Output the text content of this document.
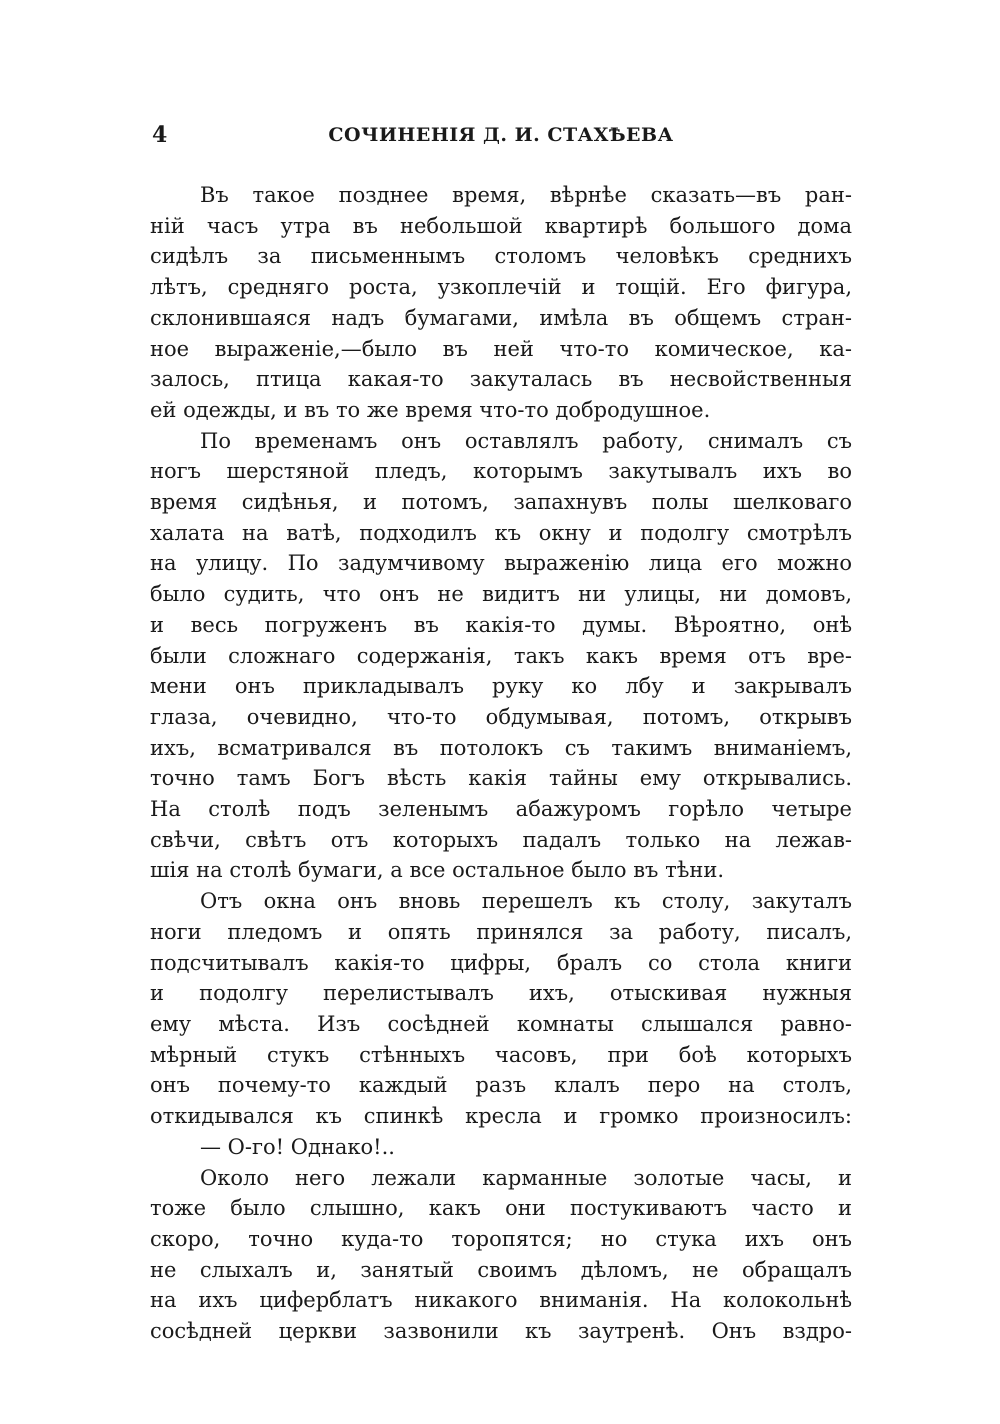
4	СОЧИНЕНІЯ Д. И. СТАХѢЕВА
Въ такое позднее время, вѣрнѣе сказать—въ ран-
ній часъ утра въ небольшой квартирѣ большого дома
сидѣлъ за письменнымъ столомъ человѣкъ среднихъ
лѣтъ, средняго роста, узкоплечій и тощій. Его фигура,
склонившаяся надъ бумагами, имѣла въ общемъ стран-
ное выраженіе,—было въ ней что-то комическое, ка-
залось, птица какая-то закуталась въ несвойственныя
ей одежды, и въ то же время что-то добродушное.
По временамъ онъ оставлялъ работу, снималъ съ
ногъ шерстяной пледъ, которымъ закутывалъ ихъ во
время сидѣнья, и потомъ, запахнувъ полы шелковаго
халата на ватѣ, подходилъ къ окну и подолгу смотрѣлъ
на улицу. По задумчивому выраженію лица его можно
было судить, что онъ не видитъ ни улицы, ни домовъ,
и весь погруженъ въ какія-то думы. Вѣроятно, онѣ
были сложнаго содержанія, такъ какъ время отъ вре-
мени онъ прикладывалъ руку ко лбу и закрывалъ
глаза, очевидно, что-то обдумывая, потомъ, открывъ
ихъ, всматривался въ потолокъ съ такимъ вниманіемъ,
точно тамъ Богъ вѣсть какія тайны ему открывались.
На столѣ подъ зеленымъ абажуромъ горѣло четыре
свѣчи, свѣтъ отъ которыхъ падалъ только на лежав-
шія на столѣ бумаги, а все остальное было въ тѣни.
Отъ окна онъ вновь перешелъ къ столу, закуталъ
ноги пледомъ и опять принялся за работу, писалъ,
подсчитывалъ какія-то цифры, бралъ со стола книги
и подолгу перелистывалъ ихъ, отыскивая нужныя
ему мѣста. Изъ сосѣдней комнаты слышался равно-
мѣрный стукъ стѣнныхъ часовъ, при боѣ которыхъ
онъ почему-то каждый разъ клалъ перо на столъ,
откидывался къ спинкѣ кресла и громко произносилъ:
— О-го! Однако!..
Около него лежали карманные золотые часы, и
тоже было слышно, какъ они постукиваютъ часто и
скоро, точно куда-то торопятся; но стука ихъ онъ
не слыхалъ и, занятый своимъ дѣломъ, не обращалъ
на ихъ циферблатъ никакого вниманія. На колокольнѣ
сосѣдней церкви зазвонили къ заутренѣ. Онъ вздро-
